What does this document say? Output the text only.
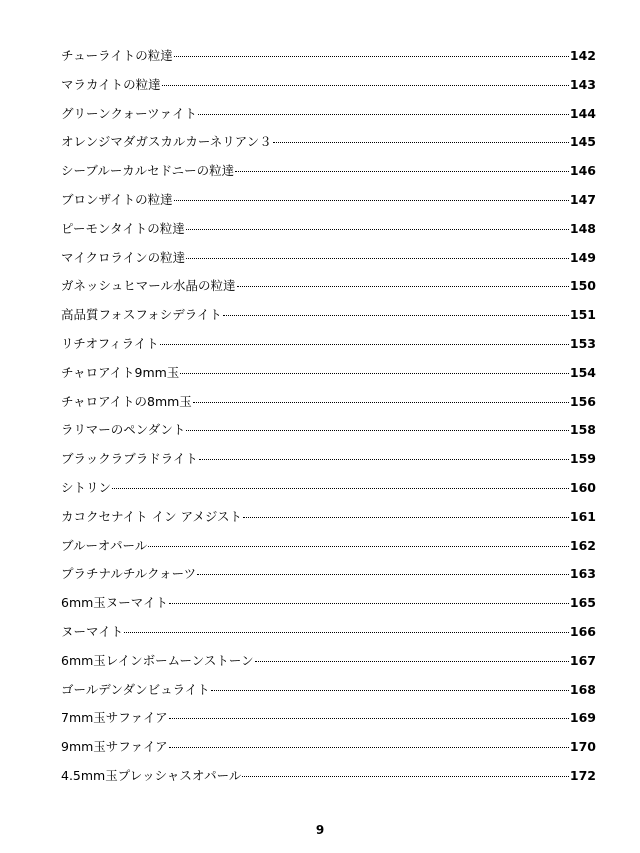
チューライトの粒達	142
マラカイトの粒達	143
グリーンクォーツァイト	144
オレンジマダガスカルカーネリアン３	145
シーブルーカルセドニーの粒達	146
ブロンザイトの粒達	147
ピーモンタイトの粒達	148
マイクロラインの粒達	149
ガネッシュヒマール水晶の粒達	150
高品質フォスフォシデライト	151
リチオフィライト	153
チャロアイト9mm玉	154
チャロアイトの8mm玉	156
ラリマーのペンダント	158
ブラックラブラドライト	159
シトリン	160
カコクセナイト イン アメジスト	161
ブルーオパール	162
プラチナルチルクォーツ	163
6mm玉ヌーマイト	165
ヌーマイト	166
6mm玉レインボームーンストーン	167
ゴールデンダンビュライト	168
7mm玉サファイア	169
9mm玉サファイア	170
4.5mm玉プレッシャスオパール	172
9
